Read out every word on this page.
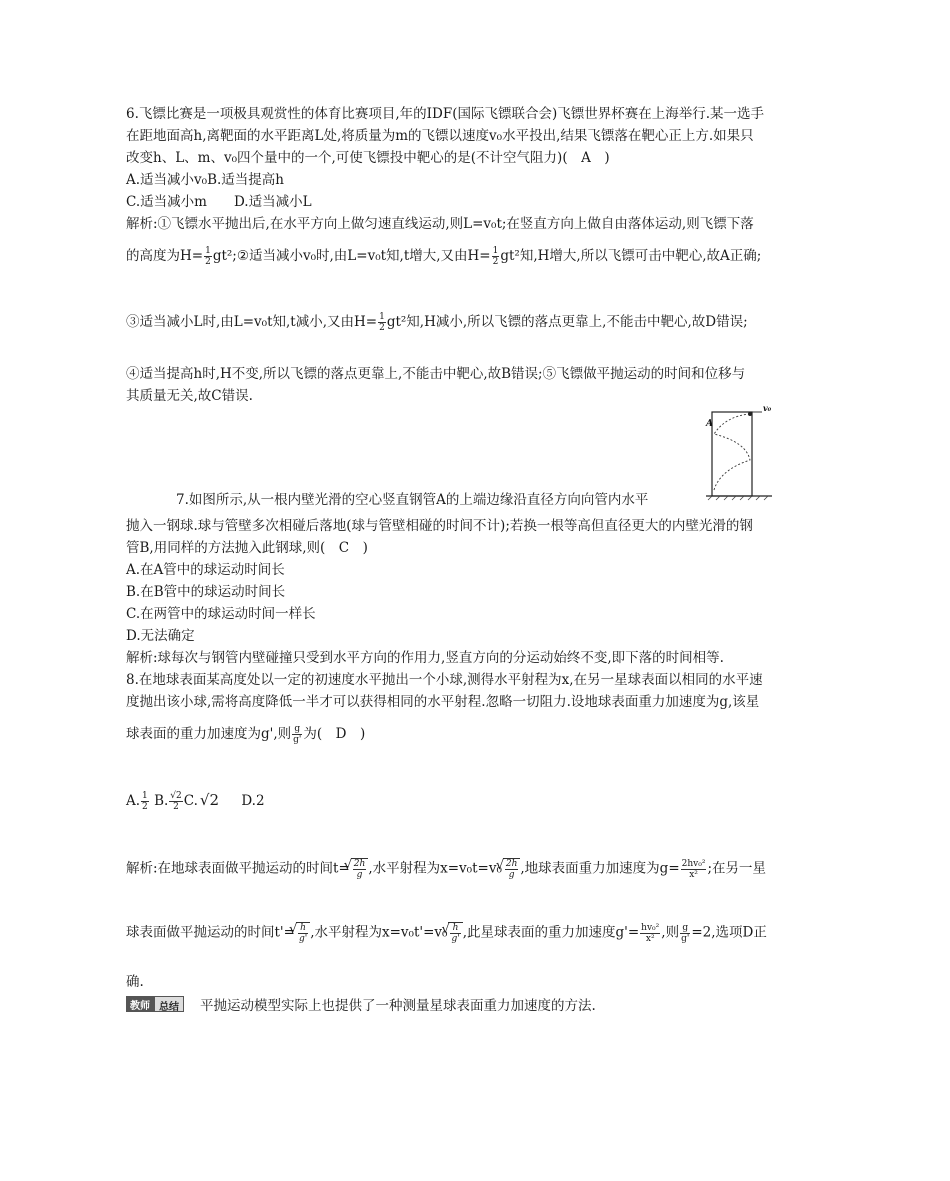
6.飞镖比赛是一项极具观赏性的体育比赛项目,年的IDF(国际飞镖联合会)飞镖世界杯赛在上海举行.某一选手
在距地面高h,离靶面的水平距离L处,将质量为m的飞镖以速度v₀水平投出,结果飞镖落在靶心正上方.如果只
改变h、L、m、v₀四个量中的一个,可使飞镖投中靶心的是(不计空气阻力)(　A　)
A.适当减小v₀B.适当提高h
C.适当减小m　　D.适当减小L
解析:①飞镖水平抛出后,在水平方向上做匀速直线运动,则L=v₀t;在竖直方向上做自由落体运动,则飞镖下落
的高度为$H= \frac{1}{2}$ gt²;②适当减小v₀时,由L=v₀t知,t增大,又由$H= \frac{1}{2} gt^2$知,H增大,所以飞镖可击中靶心,故A正确;
③适当减小L时,由L=v₀t知,t减小,又由$H= \frac{1}{2} gt^2$知,H减小,所以飞镖的落点更靠上,不能击中靶心,故D错误;
④适当提高h时,H不变,所以飞镖的落点更靠上,不能击中靶心,故B错误;⑤飞镖做平抛运动的时间和位移与
其质量无关,故C错误.
A
v₀
7.如图所示,从一根内壁光滑的空心竖直钢管A的上端边缘沿直径方向向管内水平
抛入一钢球.球与管壁多次相碰后落地(球与管壁相碰的时间不计);若换一根等高但直径更大的内壁光滑的钢
管B,用同样的方法抛入此钢球,则(　C　)
A.在A管中的球运动时间长
B.在B管中的球运动时间长
C.在两管中的球运动时间一样长
D.无法确定
解析:球每次与钢管内壁碰撞只受到水平方向的作用力,竖直方向的分运动始终不变,即下落的时间相等.
8.在地球表面某高度处以一定的初速度水平抛出一个小球,测得水平射程为x,在另一星球表面以相同的水平速
度抛出该小球,需将高度降低一半才可以获得相同的水平射程.忽略一切阻力.设地球表面重力加速度为g,该星
球表面的重力加速度为g',则 $\frac{g}{g'}$ 为(　D　)
A. $\frac{1}{2} B$. $\frac{√2}{2} C$. √2 D.2
解析:在地球表面做平抛运动的时间t= √ $\frac{2h}{g}$ ,水平射程为x=v₀t=v₀ √ $\frac{2h}{g}$ ,地球表面重力加速度为$g= \frac{\text{2hv₀²}}{\text{x²}}$ ;在另一星
球表面做平抛运动的时间t'= √ $\frac{h}{g'}$ ,水平射程为x=v₀t'=v₀ √ $\frac{h}{g'}$ ,此星球表面的重力加速度$g'= \frac{\text{hv₀²}}{\text{x²}}$ ,则 $\frac{g}{g'} =2$,选项D正
确.
教师 总结	平抛运动模型实际上也提供了一种测量星球表面重力加速度的方法.
